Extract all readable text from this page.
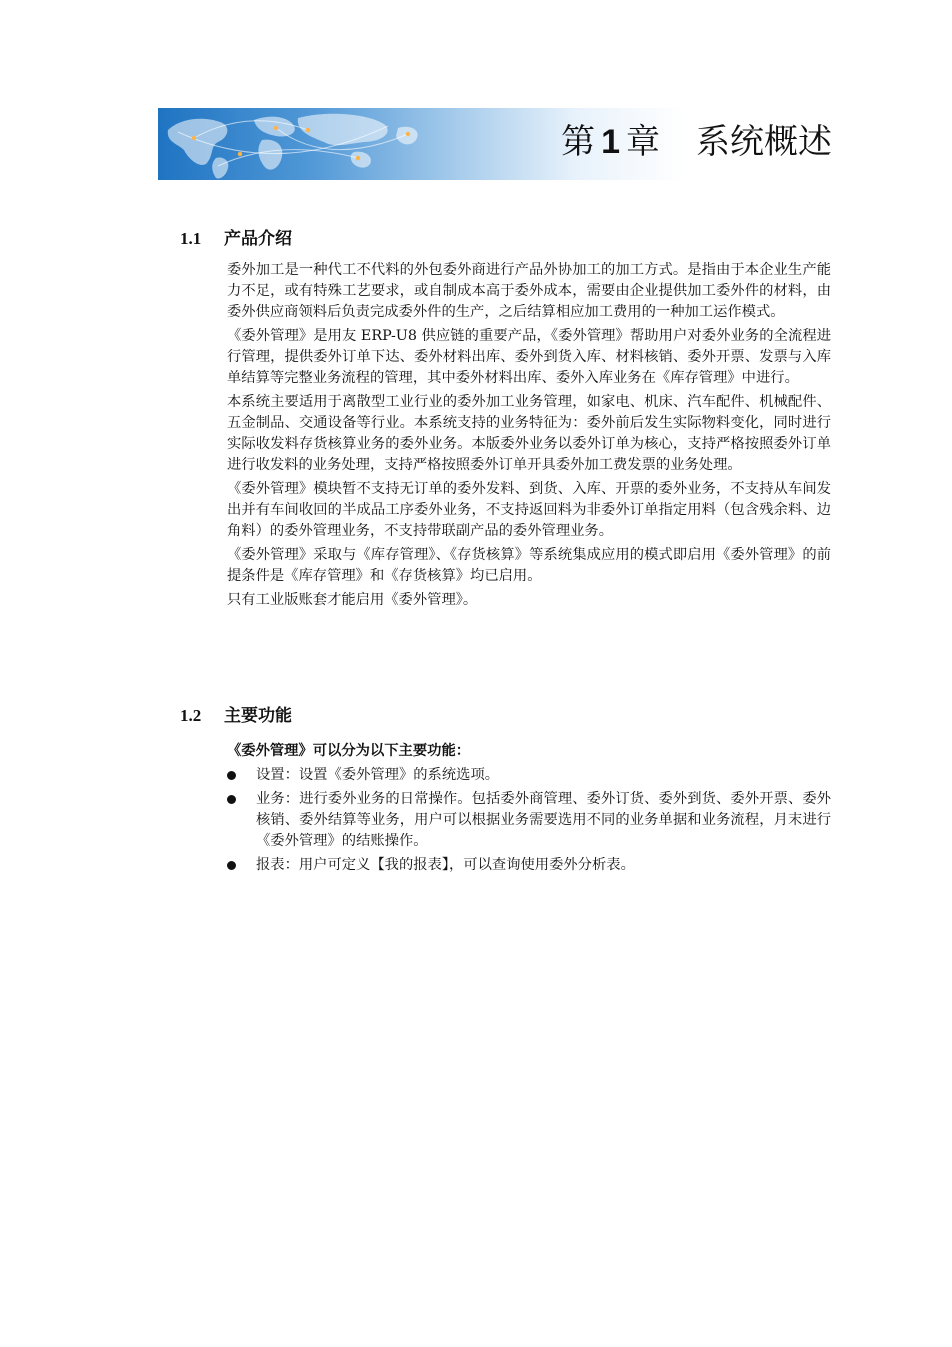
第 1 章 系统概述
1.1 产品介绍

委外加工是一种代工不代料的外包委外商进行产品外协加工的加工方式。是指由于本企业生产能力不足，或有特殊工艺要求，或自制成本高于委外成本，需要由企业提供加工委外件的材料，由委外供应商领料后负责完成委外件的生产，之后结算相应加工费用的一种加工运作模式。

《委外管理》是用友 ERP-U8 供应链的重要产品，《委外管理》帮助用户对委外业务的全流程进行管理，提供委外订单下达、委外材料出库、委外到货入库、材料核销、委外开票、发票与入库单结算等完整业务流程的管理，其中委外材料出库、委外入库业务在《库存管理》中进行。

本系统主要适用于离散型工业行业的委外加工业务管理，如家电、机床、汽车配件、机械配件、五金制品、交通设备等行业。本系统支持的业务特征为：委外前后发生实际物料变化，同时进行实际收发料存货核算业务的委外业务。本版委外业务以委外订单为核心，支持严格按照委外订单进行收发料的业务处理，支持严格按照委外订单开具委外加工费发票的业务处理。

《委外管理》模块暂不支持无订单的委外发料、到货、入库、开票的委外业务，不支持从车间发出并有车间收回的半成品工序委外业务，不支持返回料为非委外订单指定用料（包含残余料、边角料）的委外管理业务，不支持带联副产品的委外管理业务。

《委外管理》采取与《库存管理》、《存货核算》等系统集成应用的模式即启用《委外管理》的前提条件是《库存管理》和《存货核算》均已启用。

只有工业版账套才能启用《委外管理》。

1.2 主要功能
《委外管理》可以分为以下主要功能：
设置：设置《委外管理》的系统选项。
业务：进行委外业务的日常操作。包括委外商管理、委外订货、委外到货、委外开票、委外核销、委外结算等业务，用户可以根据业务需要选用不同的业务单据和业务流程，月末进行《委外管理》的结账操作。
报表：用户可定义【我的报表】，可以查询使用委外分析表。
